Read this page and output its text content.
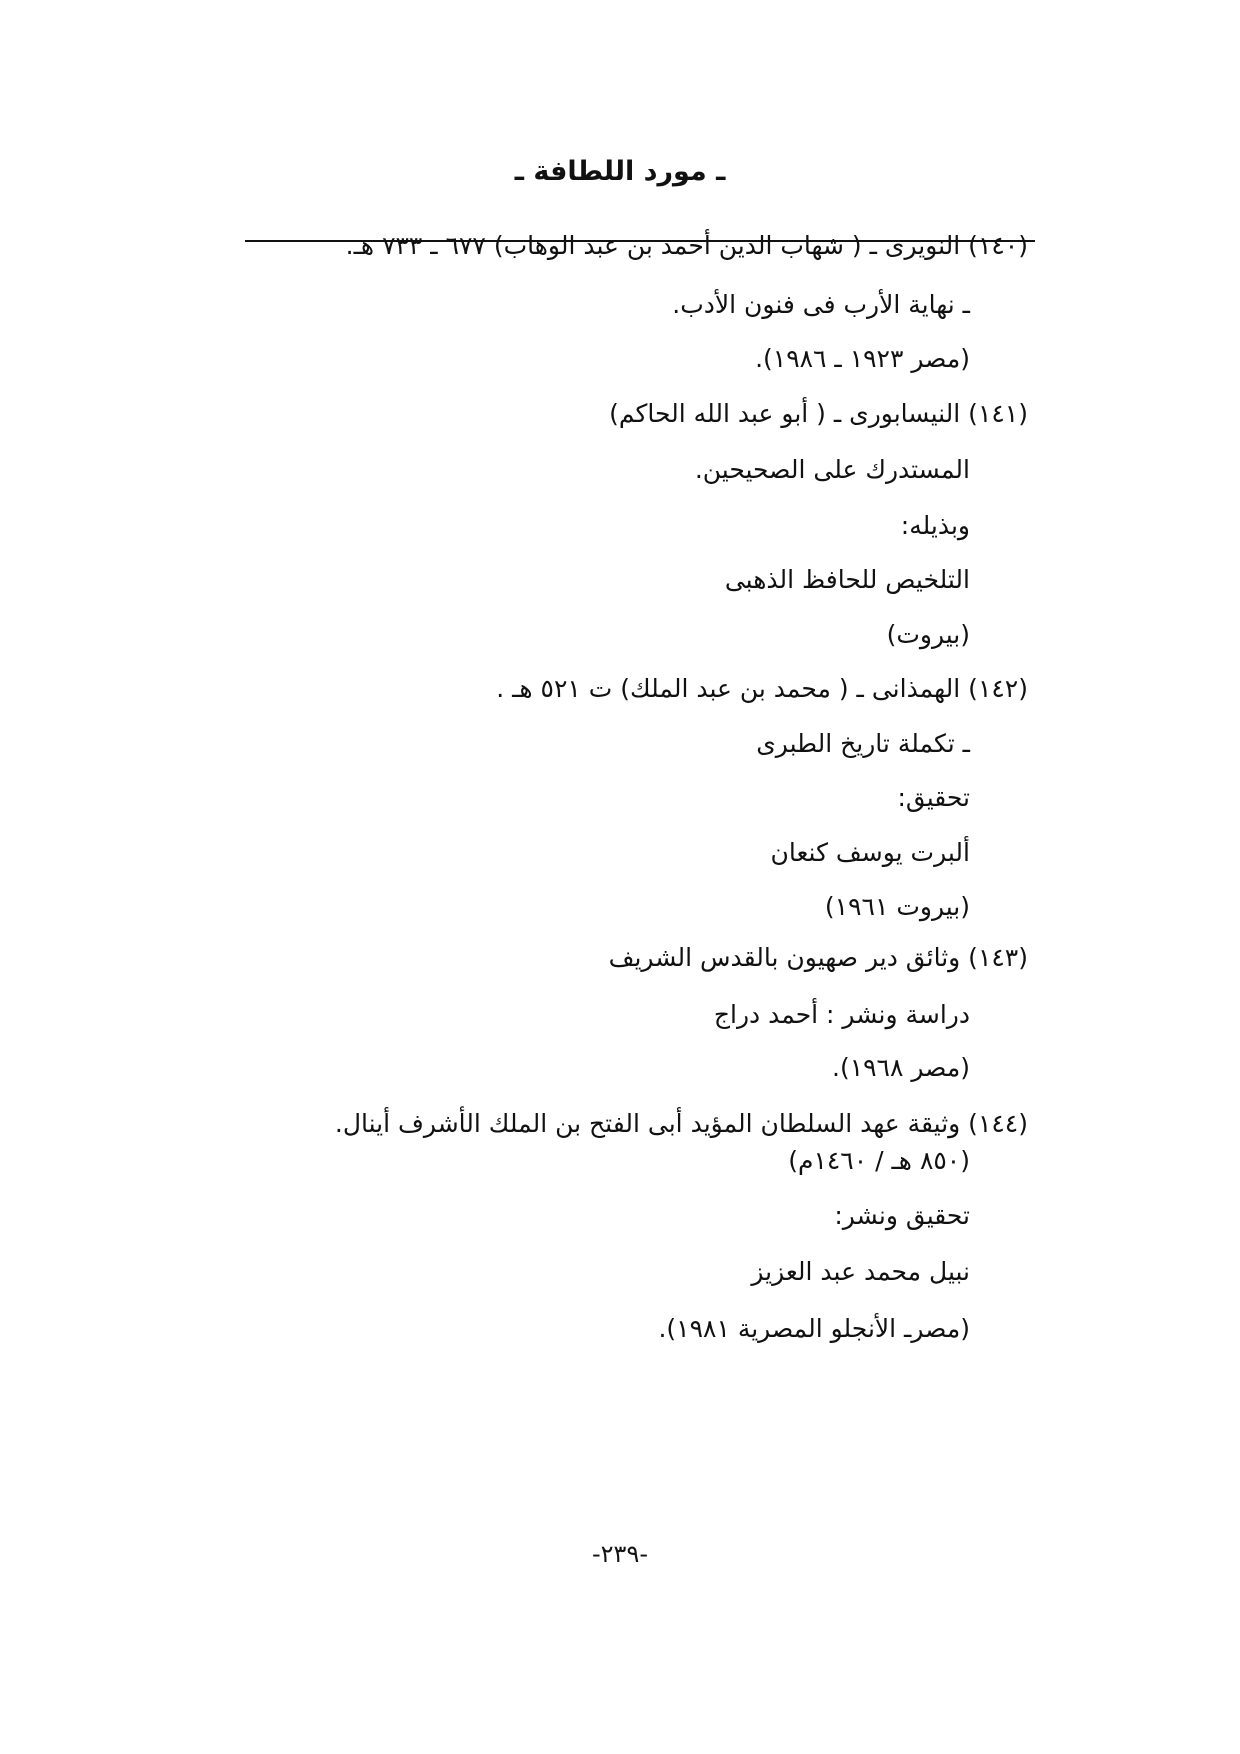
ـ مورد اللطافة ـ
(١٤٠) النويرى ـ ( شهاب الدين أحمد بن عبد الوهاب) ٦٧٧ ـ ٧٣٣ هـ.
ـ نهاية الأرب فى فنون الأدب.
(مصر ١٩٢٣ ـ ١٩٨٦).
(١٤١) النيسابورى ـ ( أبو عبد الله الحاكم)
المستدرك على الصحيحين.
وبذيله:
التلخيص للحافظ الذهبى
(بيروت)
(١٤٢) الهمذانى ـ ( محمد بن عبد الملك) ت ٥٢١ هـ .
ـ تكملة تاريخ الطبرى
تحقيق:
ألبرت يوسف كنعان
(بيروت ١٩٦١)
(١٤٣) وثائق دير صهيون بالقدس الشريف
دراسة ونشر : أحمد دراج
(مصر ١٩٦٨).
(١٤٤) وثيقة عهد السلطان المؤيد أبى الفتح بن الملك الأشرف أينال.
(٨٥٠ هـ / ١٤٦٠م)
تحقيق ونشر:
نبيل محمد عبد العزيز
(مصرـ الأنجلو المصرية ١٩٨١).
-٢٣٩-
